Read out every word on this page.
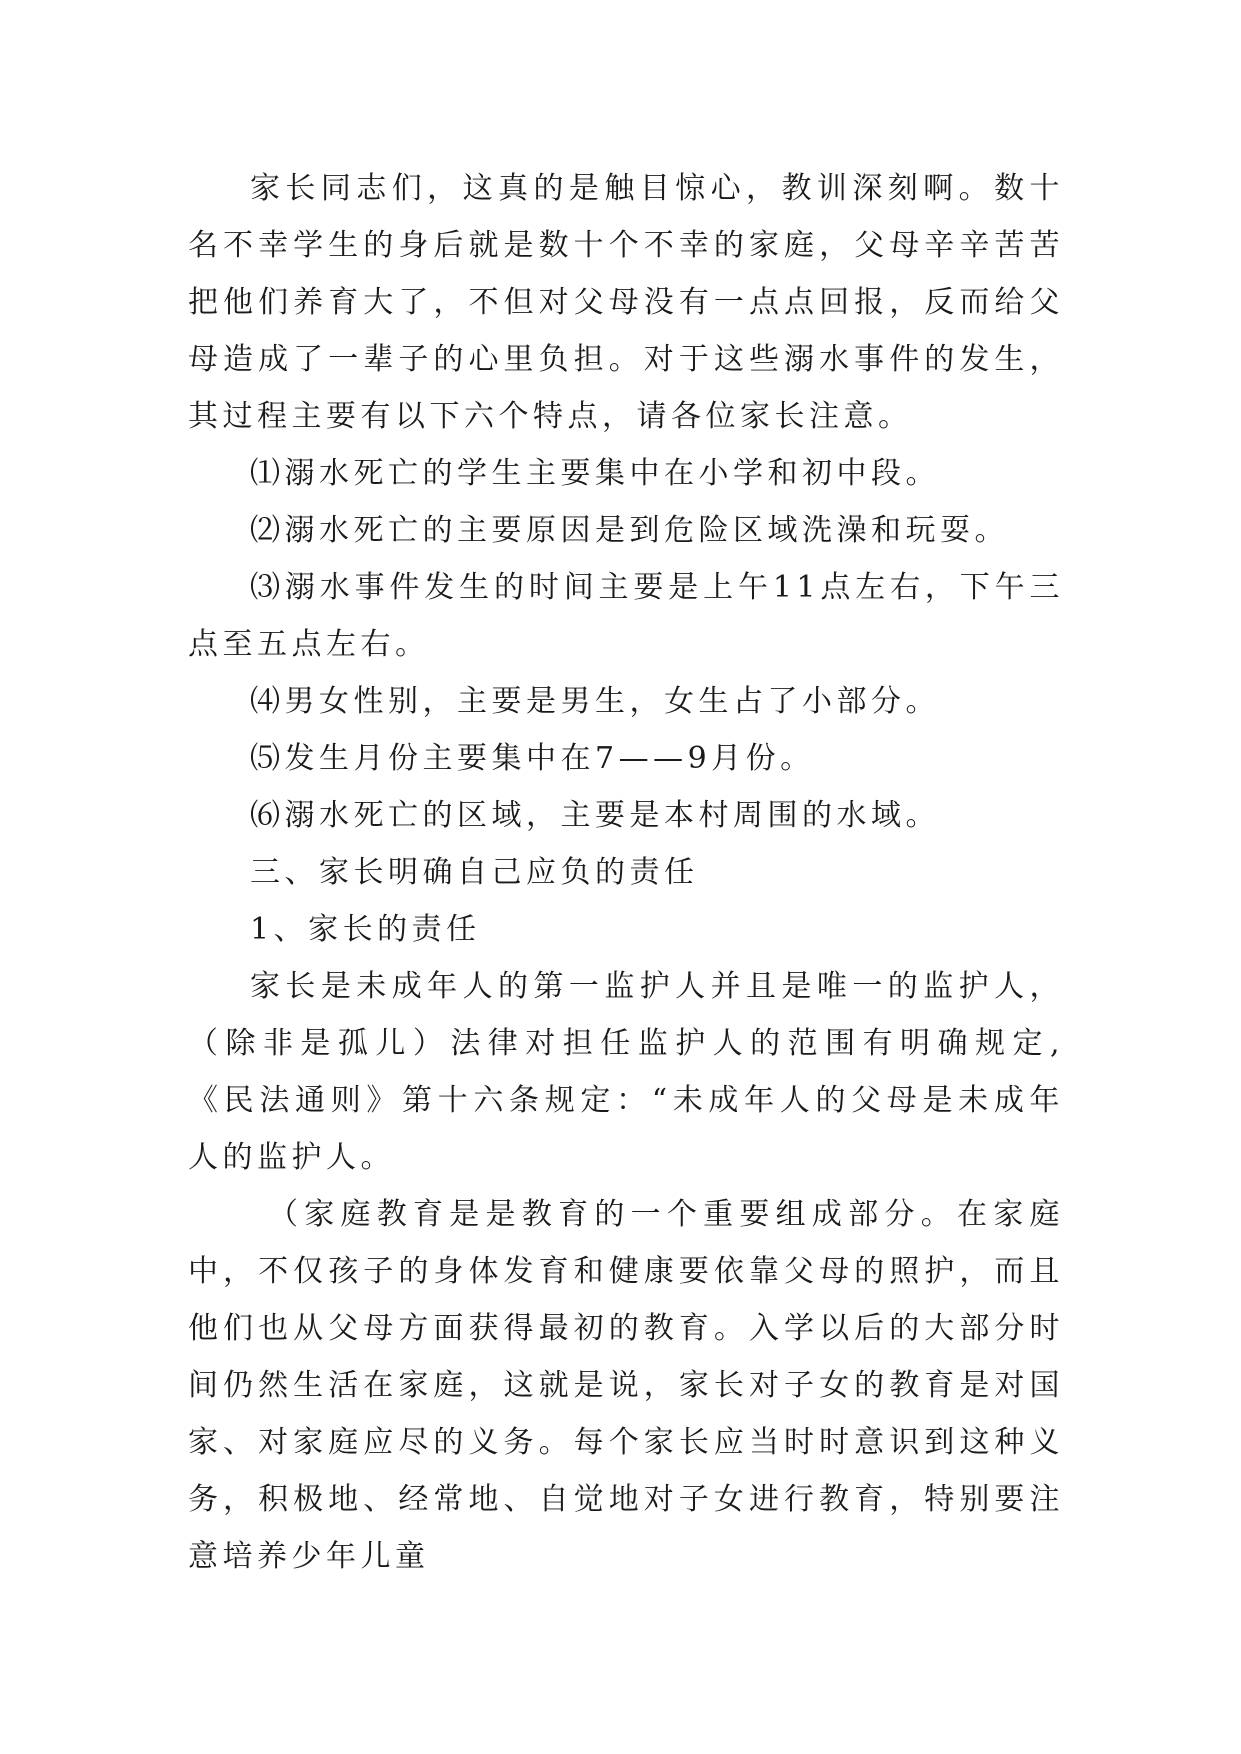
家长同志们，这真的是触目惊心，教训深刻啊。数十名不幸学生的身后就是数十个不幸的家庭，父母辛辛苦苦把他们养育大了，不但对父母没有一点点回报，反而给父母造成了一辈子的心里负担。对于这些溺水事件的发生，其过程主要有以下六个特点，请各位家长注意。

⑴溺水死亡的学生主要集中在小学和初中段。

⑵溺水死亡的主要原因是到危险区域洗澡和玩耍。

⑶溺水事件发生的时间主要是上午11点左右，下午三点至五点左右。

⑷男女性别，主要是男生，女生占了小部分。

⑸发生月份主要集中在7——9月份。

⑹溺水死亡的区域，主要是本村周围的水域。

三、家长明确自己应负的责任

1、家长的责任

家长是未成年人的第一监护人并且是唯一的监护人，（除非是孤儿）法律对担任监护人的范围有明确规定,《民法通则》第十六条规定：“未成年人的父母是未成年人的监护人。

（家庭教育是是教育的一个重要组成部分。在家庭中，不仅孩子的身体发育和健康要依靠父母的照护，而且他们也从父母方面获得最初的教育。入学以后的大部分时间仍然生活在家庭，这就是说，家长对子女的教育是对国家、对家庭应尽的义务。每个家长应当时时意识到这种义务，积极地、经常地、自觉地对子女进行教育，特别要注意培养少年儿童
